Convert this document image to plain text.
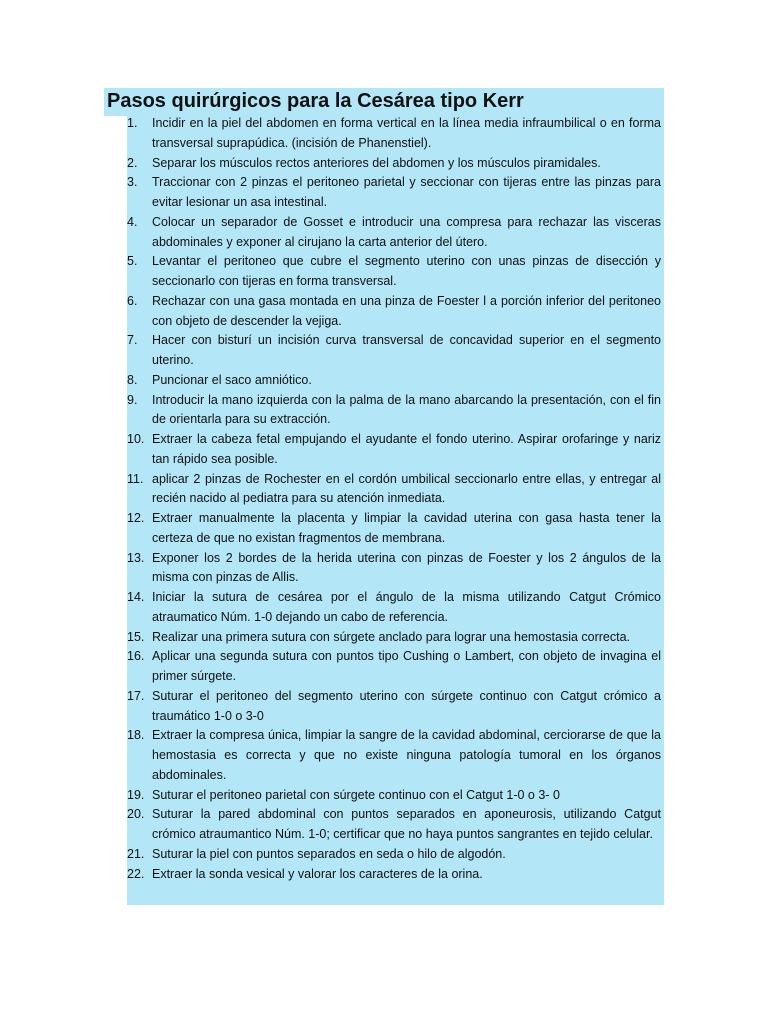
Pasos quirúrgicos para la Cesárea tipo Kerr
1.	Incidir en la piel del abdomen en forma vertical en la línea media infraumbilical o en forma transversal suprapúdica. (incisión de Phanenstiel).
2.	Separar los músculos rectos anteriores del abdomen y los músculos piramidales.
3.	Traccionar con 2 pinzas el peritoneo parietal y seccionar con tijeras entre las pinzas para evitar lesionar un asa intestinal.
4.	Colocar un separador de Gosset e introducir una compresa para rechazar las visceras abdominales y exponer al cirujano la carta anterior del útero.
5.	Levantar el peritoneo que cubre el segmento uterino con unas pinzas de disección y seccionarlo con tijeras en forma transversal.
6.	Rechazar con una gasa montada en una pinza de Foester l a porción inferior del peritoneo con objeto de descender la vejiga.
7.	Hacer con bisturí un incisión curva transversal de concavidad superior en el segmento uterino.
8.	Puncionar el saco amniótico.
9.	Introducir la mano izquierda con la palma de la mano abarcando la presentación, con el fin de orientarla para su extracción.
10. Extraer la cabeza fetal empujando el ayudante el fondo uterino. Aspirar orofaringe y nariz tan rápido sea posible.
11. aplicar 2 pinzas de Rochester en el cordón umbilical seccionarlo entre ellas, y entregar al recién nacido al pediatra para su atención inmediata.
12. Extraer manualmente la placenta y limpiar la cavidad uterina con gasa hasta tener la certeza de que no existan fragmentos de membrana.
13. Exponer los 2 bordes de la herida uterina con pinzas de Foester y los 2 ángulos de la misma con pinzas de Allis.
14. Iniciar la sutura de cesárea por el ángulo de la misma utilizando Catgut Crómico atraumatico Núm. 1-0 dejando un cabo de referencia.
15. Realizar una primera sutura con súrgete anclado para lograr una hemostasia correcta.
16. Aplicar una segunda sutura con puntos tipo Cushing o Lambert, con objeto de invagina el primer súrgete.
17. Suturar el peritoneo del segmento uterino con súrgete continuo con Catgut crómico a traumático 1-0 o 3-0
18. Extraer la compresa única, limpiar la sangre de la cavidad abdominal, cerciorarse de que la hemostasia es correcta y que no existe ninguna patología tumoral en los órganos abdominales.
19. Suturar el peritoneo parietal con súrgete continuo con el Catgut 1-0 o 3- 0
20. Suturar la pared abdominal con puntos separados en aponeurosis, utilizando Catgut crómico atraumantico Núm. 1-0; certificar que no haya puntos sangrantes en tejido celular.
21. Suturar la piel con puntos separados en seda o hilo de algodón.
22. Extraer la sonda vesical y valorar los caracteres de la orina.
